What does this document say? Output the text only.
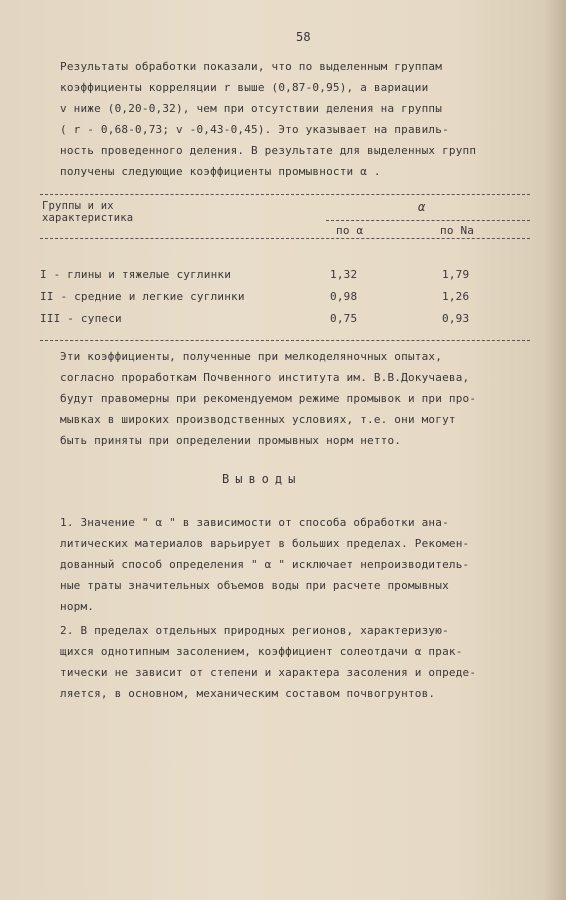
58
Результаты обработки показали, что по выделенным группам
коэффициенты корреляции r выше (0,87-0,95), а вариации
v ниже (0,20-0,32), чем при отсутствии деления на группы
( r - 0,68-0,73; v -0,43-0,45). Это указывает на правиль-
ность проведенного деления. В результате для выделенных групп
получены следующие коэффициенты промывности α .
Группы и их
характеристика
α
по α	по Nа
I - глины и тяжелые суглинки	1,32	1,79
II - средние и легкие суглинки	0,98	1,26
III - супеси	0,75	0,93
Эти коэффициенты, полученные при мелкоделяночных опытах,
согласно проработкам Почвенного института им. В.В.Докучаева,
будут правомерны при рекомендуемом режиме промывок и при про-
мывках в широких производственных условиях, т.е. они могут
быть приняты при определении промывных норм нетто.
Выводы
1. Значение " α " в зависимости от способа обработки ана-
литических материалов варьирует в больших пределах. Рекомен-
дованный способ определения " α " исключает непроизводитель-
ные траты значительных объемов воды при расчете промывных
норм.
2. В пределах отдельных природных регионов, характеризую-
щихся однотипным засолением, коэффициент солеотдачи α прак-
тически не зависит от степени и характера засоления и опреде-
ляется, в основном, механическим составом почвогрунтов.
